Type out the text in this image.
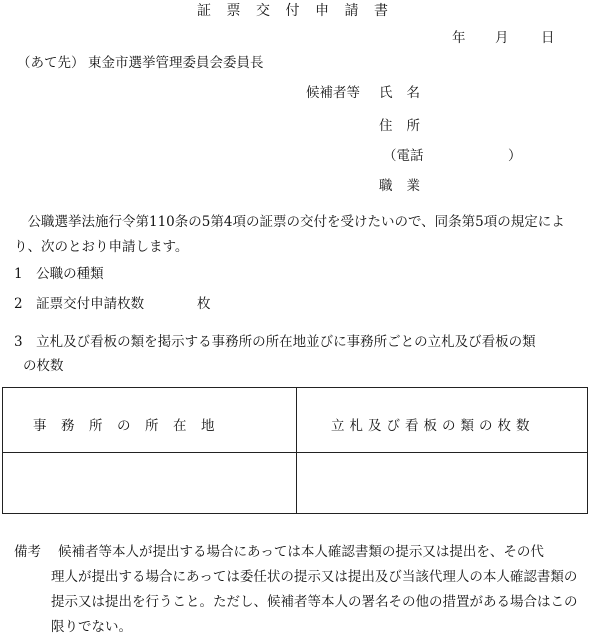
証票交付申請書
年 月 日
（あて先） 東金市選挙管理委員会委員長
候補者等 氏名
住所
（電話	）
職業
公職選挙法施行令第110条の5第4項の証票の交付を受けたいので、同条第5項の規定により、次のとおり申請します。
1　公職の種類
2　証票交付申請枚数	枚
3　立札及び看板の類を掲示する事務所の所在地並びに事務所ごとの立札及び看板の類
の枚数
事務所の所在地	立札及び看板の類の枚数
備考 候補者等本人が提出する場合にあっては本人確認書類の提示又は提出を、その代
理人が提出する場合にあっては委任状の提示又は提出及び当該代理人の本人確認書類の提示又は提出を行うこと。ただし、候補者等本人の署名その他の措置がある場合はこの限りでない。
